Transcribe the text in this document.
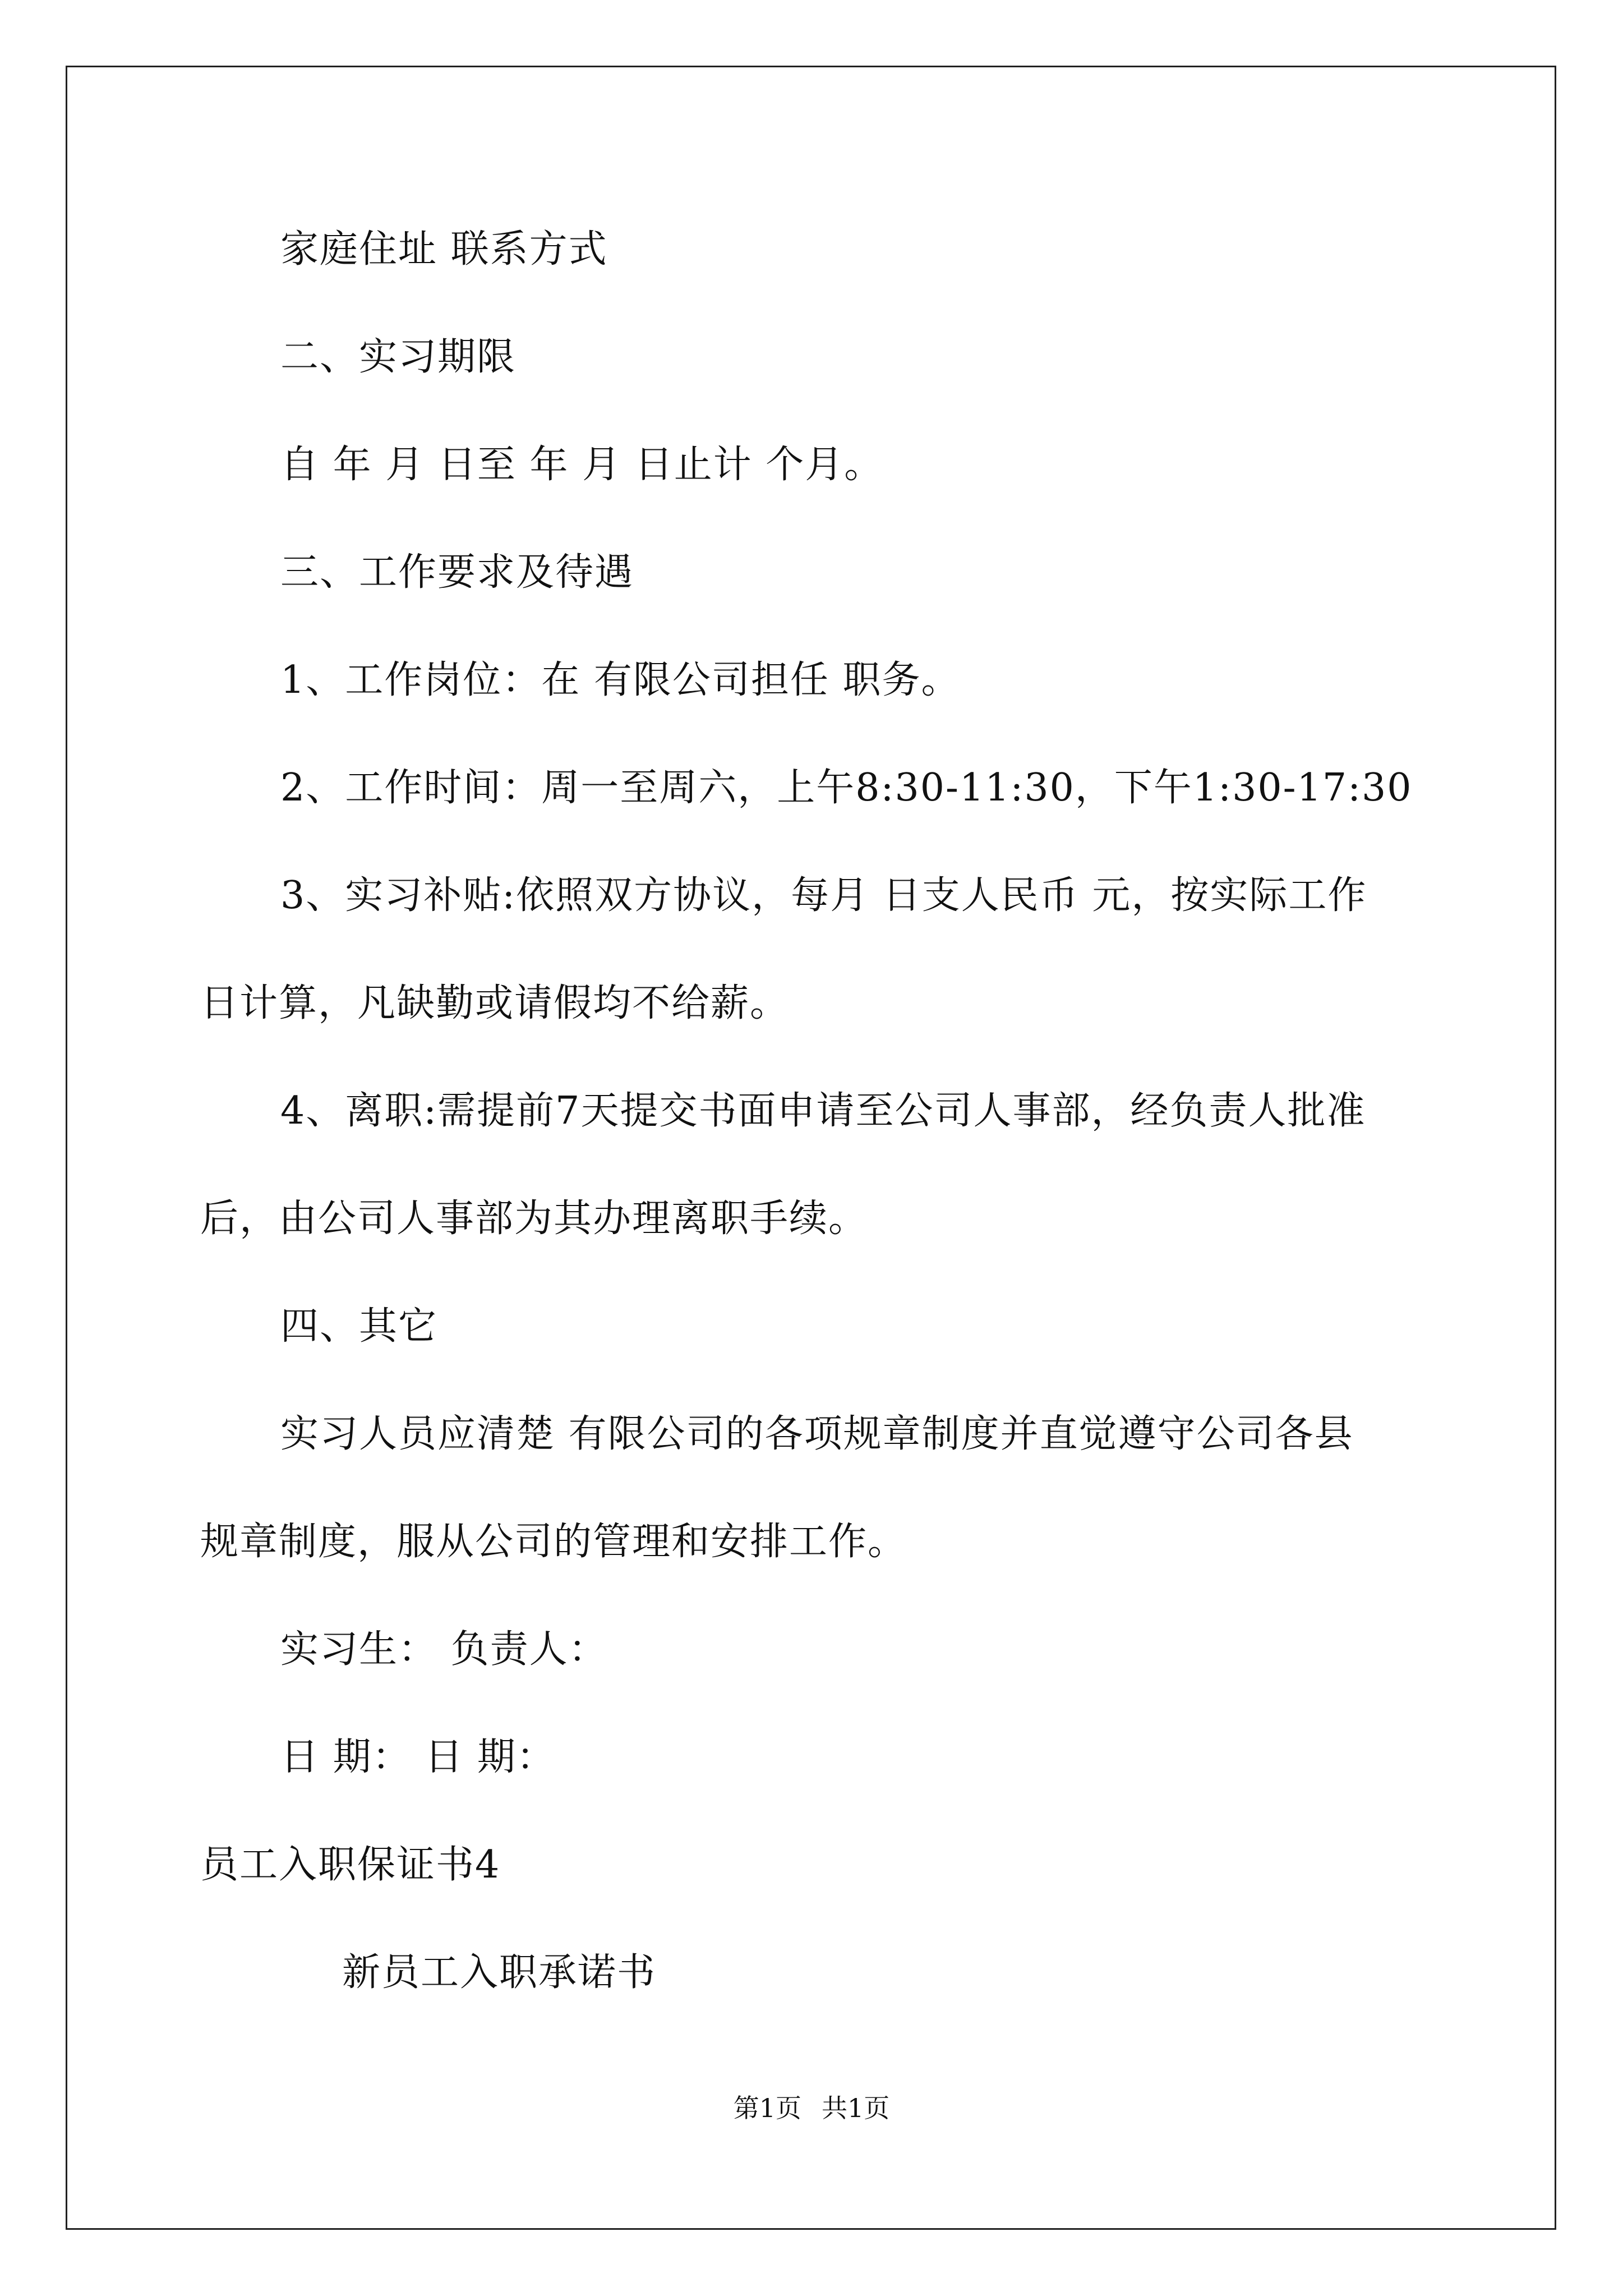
家庭住址 联系方式

二、实习期限

自 年 月 日至 年 月 日止计 个月。

三、工作要求及待遇

1、工作岗位：在 有限公司担任 职务。

2、工作时间：周一至周六，上午8:30-11:30，下午1:30-17:30

3、实习补贴:依照双方协议，每月 日支人民币 元，按实际工作

日计算，凡缺勤或请假均不给薪。

4、离职:需提前7天提交书面申请至公司人事部，经负责人批准

后，由公司人事部为其办理离职手续。

四、其它

实习人员应清楚 有限公司的各项规章制度并直觉遵守公司各县

规章制度，服从公司的管理和安排工作。

实习生： 负责人：

日 期： 日 期：

员工入职保证书4

新员工入职承诺书

第1页 共1页
